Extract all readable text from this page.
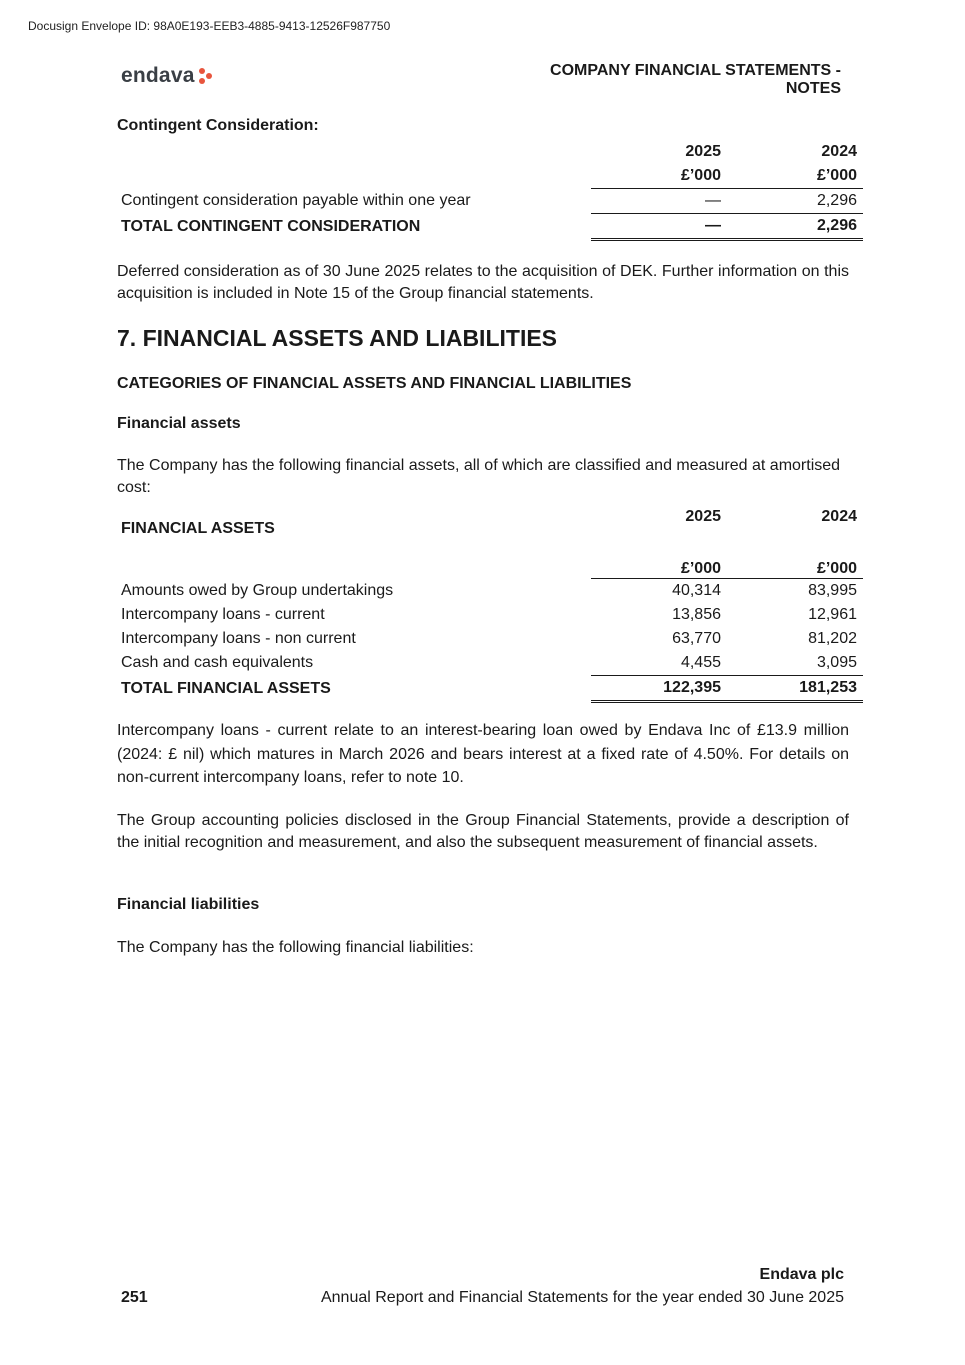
Docusign Envelope ID: 98A0E193-EEB3-4885-9413-12526F987750
endava	COMPANY FINANCIAL STATEMENTS -
NOTES
Contingent Consideration:
	2025	2024
	£’000	£’000
Contingent consideration payable within one year	—	2,296
TOTAL CONTINGENT CONSIDERATION	—	2,296
Deferred consideration as of 30 June 2025 relates to the acquisition of DEK. Further information on this acquisition is included in Note 15 of the Group financial statements.
7. FINANCIAL ASSETS AND LIABILITIES
CATEGORIES OF FINANCIAL ASSETS AND FINANCIAL LIABILITIES
Financial assets
The Company has the following financial assets, all of which are classified and measured at amortised cost:
FINANCIAL ASSETS	2025	2024
	£’000	£’000
Amounts owed by Group undertakings	40,314	83,995
Intercompany loans - current	13,856	12,961
Intercompany loans - non current	63,770	81,202
Cash and cash equivalents	4,455	3,095
TOTAL FINANCIAL ASSETS	122,395	181,253
Intercompany loans - current relate to an interest-bearing loan owed by Endava Inc of £13.9 million (2024: £ nil) which matures in March 2026 and bears interest at a fixed rate of 4.50%. For details on non-current intercompany loans, refer to note 10.
The Group accounting policies disclosed in the Group Financial Statements, provide a description of the initial recognition and measurement, and also the subsequent measurement of financial assets.
Financial liabilities
The Company has the following financial liabilities:
Endava plc
251	Annual Report and Financial Statements for the year ended 30 June 2025
